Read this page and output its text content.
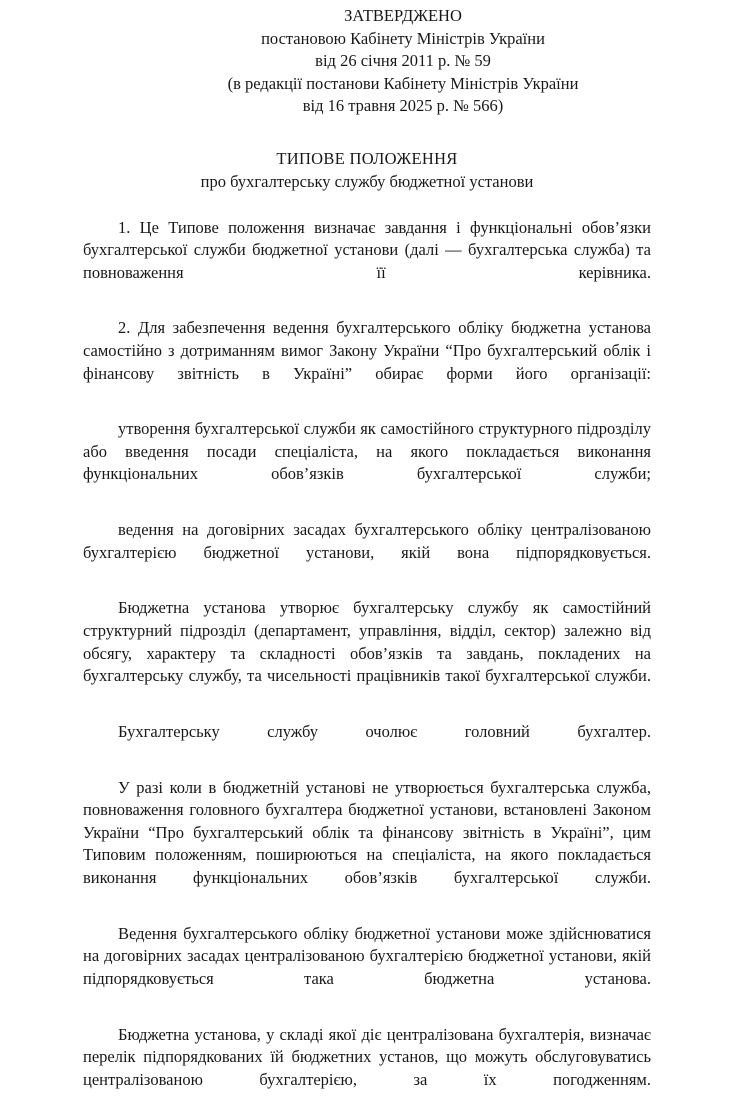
ЗАТВЕРДЖЕНО
постановою Кабінету Міністрів України
від 26 січня 2011 р. № 59
(в редакції постанови Кабінету Міністрів України
від 16 травня 2025 р. № 566)
ТИПОВЕ ПОЛОЖЕННЯ
про бухгалтерську службу бюджетної установи

1. Це Типове положення визначає завдання і функціональні обов’язки бухгалтерської служби бюджетної установи (далі — бухгалтерська служба) та повноваження її керівника.

2. Для забезпечення ведення бухгалтерського обліку бюджетна установа самостійно з дотриманням вимог Закону України “Про бухгалтерський облік і фінансову звітність в Україні” обирає форми його організації:

утворення бухгалтерської служби як самостійного структурного підрозділу або введення посади спеціаліста, на якого покладається виконання функціональних обов’язків бухгалтерської служби;

ведення на договірних засадах бухгалтерського обліку централізованою бухгалтерією бюджетної установи, якій вона підпорядковується.

Бюджетна установа утворює бухгалтерську службу як самостійний структурний підрозділ (департамент, управління, відділ, сектор) залежно від обсягу, характеру та складності обов’язків та завдань, покладених на бухгалтерську службу, та чисельності працівників такої бухгалтерської служби.

Бухгалтерську службу очолює головний бухгалтер.

У разі коли в бюджетній установі не утворюється бухгалтерська служба, повноваження головного бухгалтера бюджетної установи, встановлені Законом України “Про бухгалтерський облік та фінансову звітність в Україні”, цим Типовим положенням, поширюються на спеціаліста, на якого покладається виконання функціональних обов’язків бухгалтерської служби.

Ведення бухгалтерського обліку бюджетної установи може здійснюватися на договірних засадах централізованою бухгалтерією бюджетної установи, якій підпорядковується така бюджетна установа.

Бюджетна установа, у складі якої діє централізована бухгалтерія, визначає перелік підпорядкованих їй бюджетних установ, що можуть обслуговуватись централізованою бухгалтерією, за їх погодженням.
